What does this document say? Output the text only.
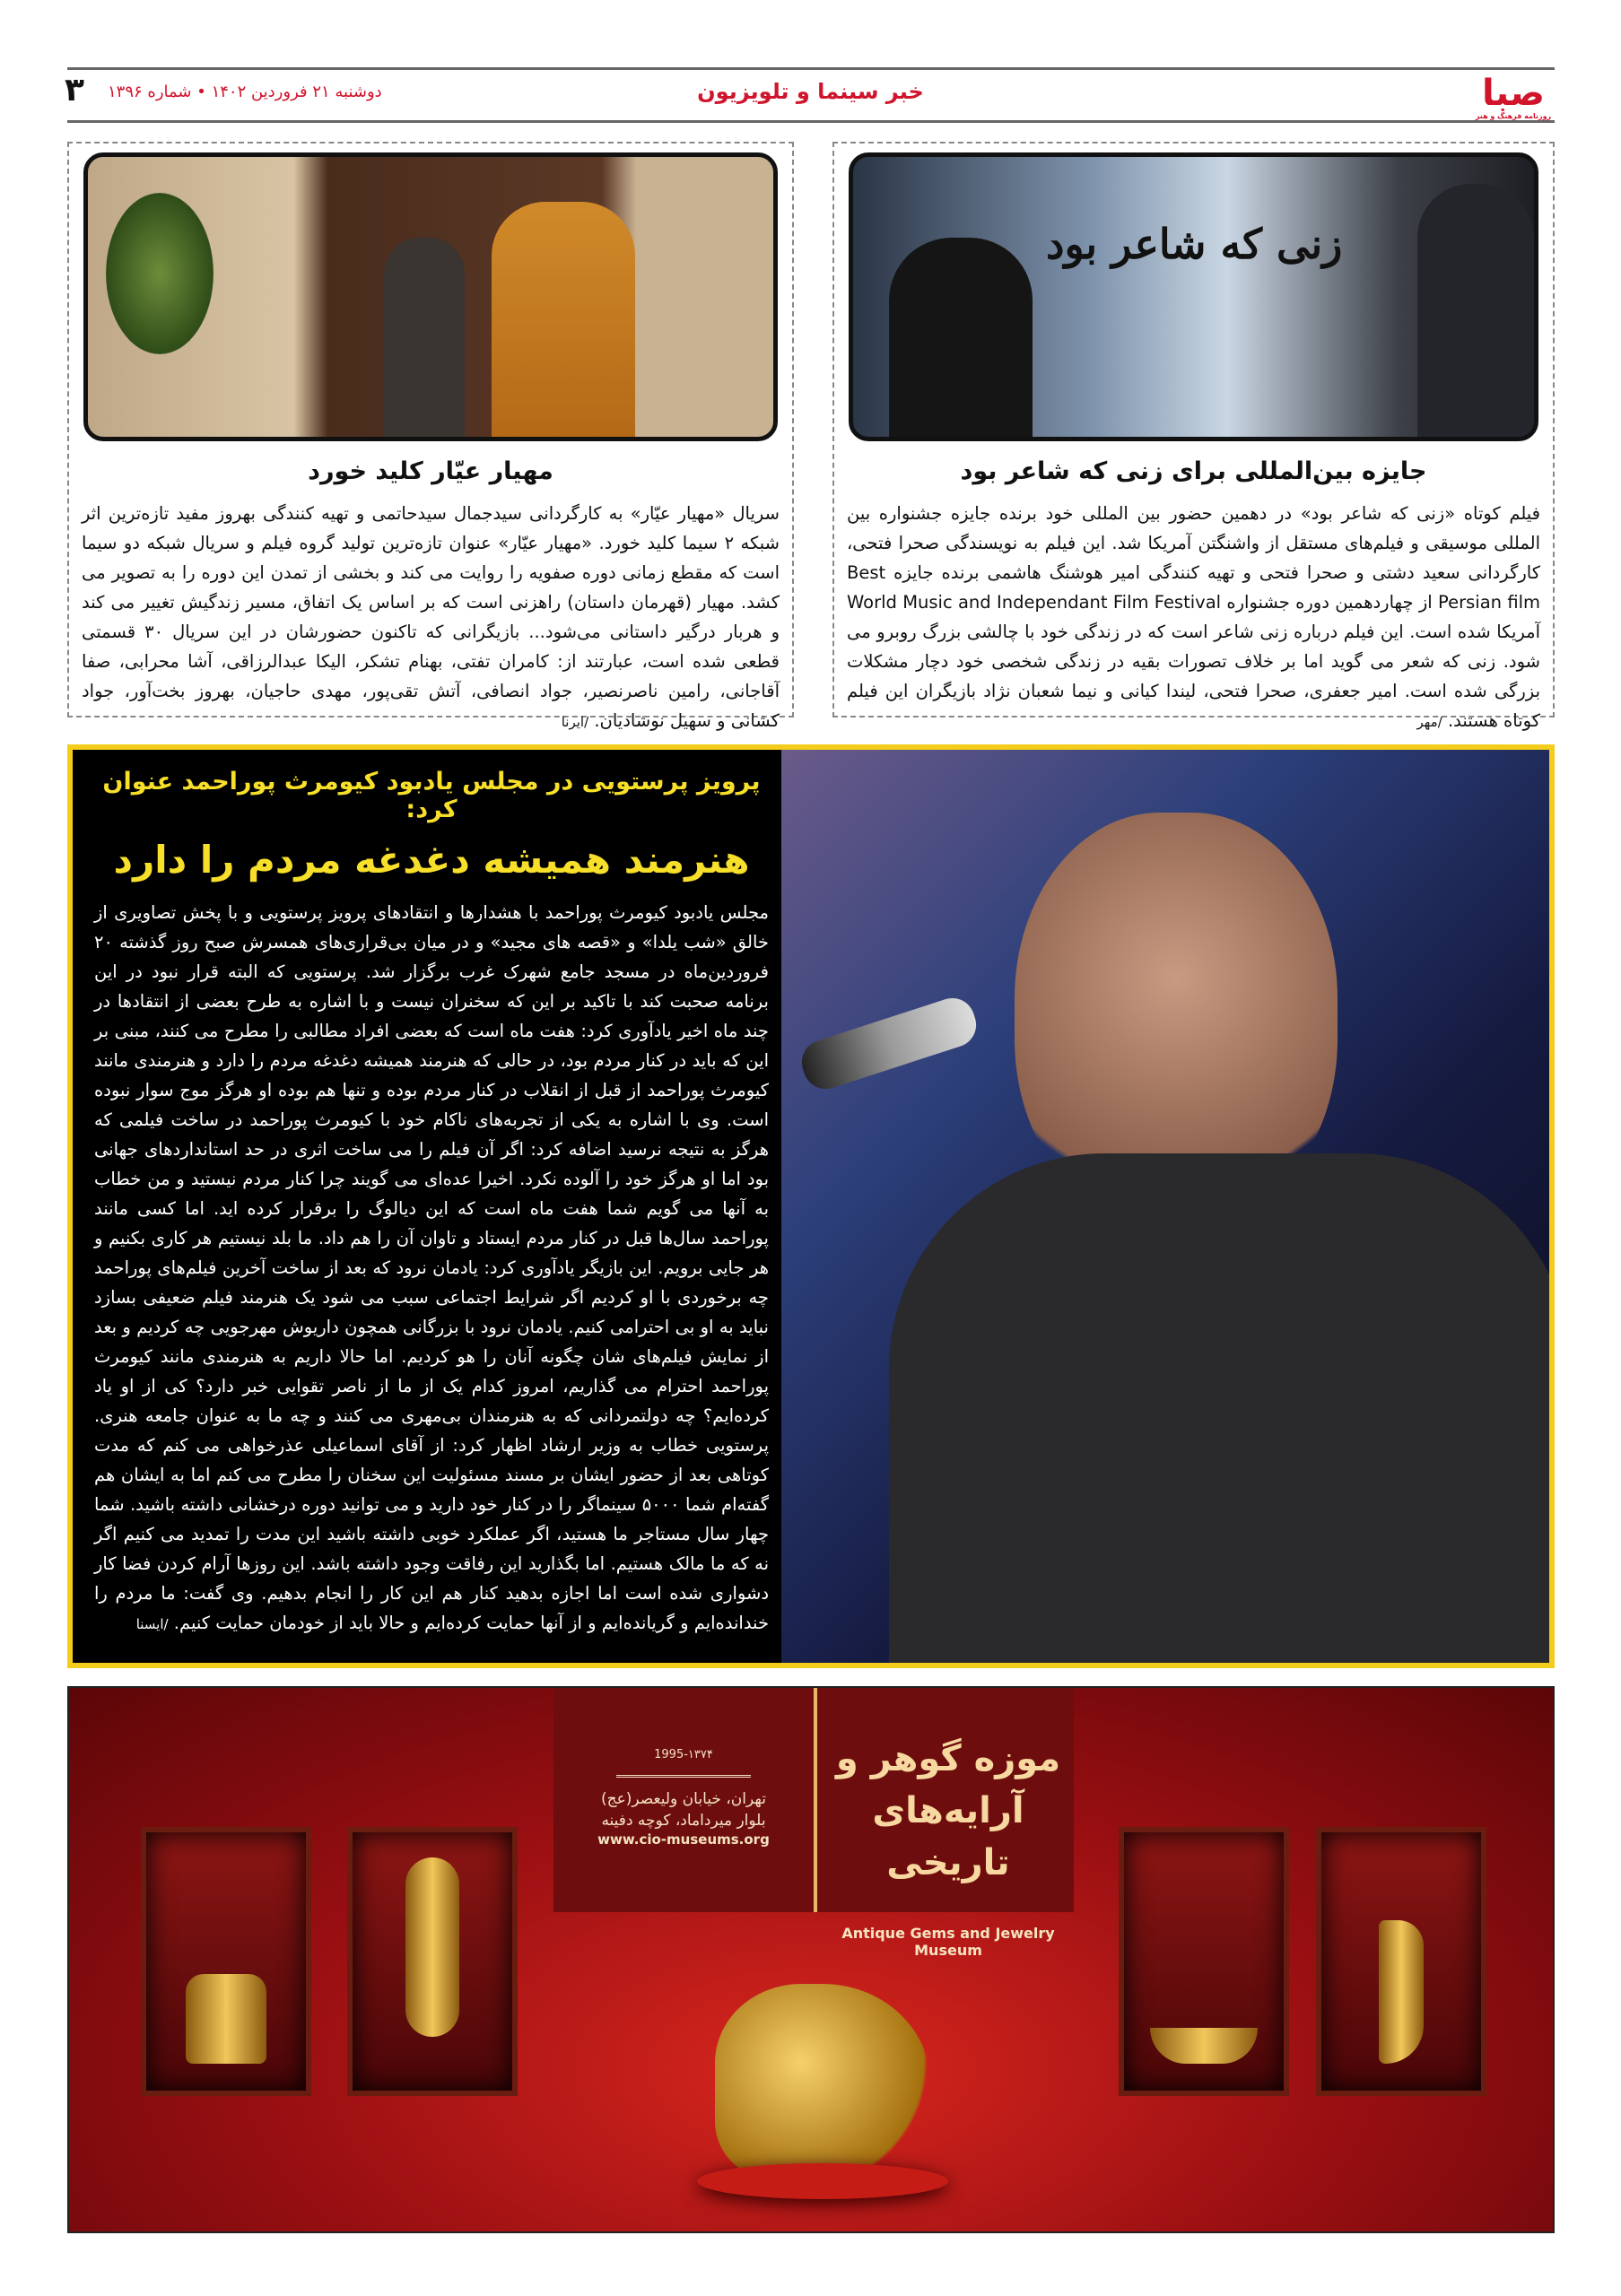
صبا
روزنامه فرهنگ و هنر
خبر سینما و تلویزیون
دوشنبه ۲۱ فروردین ۱۴۰۲ • شماره ۱۳۹۶
۳
زنی که شاعر بود
جایزه بین‌المللی برای زنی که شاعر بود

فیلم کوتاه «زنی که شاعر بود» در دهمین حضور بین المللی خود برنده جایزه جشنواره بین المللی موسیقی و فیلم‌های مستقل از واشنگتن آمریکا شد. این فیلم به نویسندگی صحرا فتحی، کارگردانی سعید دشتی و صحرا فتحی و تهیه کنندگی امیر هوشنگ هاشمی برنده جایزه Best Persian film از چهاردهمین دوره جشنواره World Music and Independant Film Festival آمریکا شده است. این فیلم درباره زنی شاعر است که در زندگی خود با چالشی بزرگ روبرو می شود. زنی که شعر می گوید اما بر خلاف تصورات بقیه در زندگی شخصی خود دچار مشکلات بزرگی شده است. امیر جعفری، صحرا فتحی، لیندا کیانی و نیما شعبان نژاد بازیگران این فیلم کوتاه هستند. /مهر

مهیار عیّار کلید خورد

سریال «مهیار عیّار» به کارگردانی سیدجمال سیدحاتمی و تهیه کنندگی بهروز مفید تازه‌ترین اثر شبکه ۲ سیما کلید خورد. «مهیار عیّار» عنوان تازه‌ترین تولید گروه فیلم و سریال شبکه دو سیما است که مقطع زمانی دوره صفویه را روایت می کند و بخشی از تمدن این دوره را به تصویر می کشد. مهیار (قهرمان داستان) راهزنی است که بر اساس یک اتفاق، مسیر زندگیش تغییر می کند و هربار درگیر داستانی می‌شود... بازیگرانی که تاکنون حضورشان در این سریال ۳۰ قسمتی قطعی شده است، عبارتند از: کامران تفتی، بهنام تشکر، الیکا عبدالرزاقی، آشا محرابی، صفا آقاجانی، رامین ناصرنصیر، جواد انصافی، آتش تقی‌پور، مهدی حاجیان، بهروز بخت‌آور، جواد کشانی و سهیل نوشادیان. /ایرنا

پرویز پرستویی در مجلس یادبود کیومرث پوراحمد عنوان کرد:
هنرمند همیشه دغدغه مردم را دارد

مجلس یادبود کیومرث پوراحمد با هشدارها و انتقادهای پرویز پرستویی و با پخش تصاویری از خالق «شب یلدا» و «قصه های مجید» و در میان بی‌قراری‌های همسرش صبح روز گذشته ۲۰ فروردین‌ماه در مسجد جامع شهرک غرب برگزار شد. پرستویی که البته قرار نبود در این برنامه صحبت کند با تاکید بر این که سخنران نیست و با اشاره به طرح بعضی از انتقادها در چند ماه اخیر یادآوری کرد: هفت ماه است که بعضی افراد مطالبی را مطرح می کنند، مبنی بر این که باید در کنار مردم بود، در حالی که هنرمند همیشه دغدغه مردم را دارد و هنرمندی مانند کیومرث پوراحمد از قبل از انقلاب در کنار مردم بوده و تنها هم بوده او هرگز موج سوار نبوده است. وی با اشاره به یکی از تجربه‌های ناکام خود با کیومرث پوراحمد در ساخت فیلمی که هرگز به نتیجه نرسید اضافه کرد: اگر آن فیلم را می ساخت اثری در حد استانداردهای جهانی بود اما او هرگز خود را آلوده نکرد. اخیرا عده‌ای می گویند چرا کنار مردم نیستید و من خطاب به آنها می گویم شما هفت ماه است که این دیالوگ را برقرار کرده اید. اما کسی مانند پوراحمد سال‌ها قبل در کنار مردم ایستاد و تاوان آن را هم داد. ما بلد نیستیم هر کاری بکنیم و هر جایی برویم. این بازیگر یادآوری کرد: یادمان نرود که بعد از ساخت آخرین فیلم‌های پوراحمد چه برخوردی با او کردیم اگر شرایط اجتماعی سبب می شود یک هنرمند فیلم ضعیفی بسازد نباید به او بی احترامی کنیم. یادمان نرود با بزرگانی همچون داریوش مهرجویی چه کردیم و بعد از نمایش فیلم‌های شان چگونه آنان را هو کردیم. اما حالا داریم به هنرمندی مانند کیومرث پوراحمد احترام می گذاریم، امروز کدام یک از ما از ناصر تقوایی خبر دارد؟ کی از او یاد کرده‌ایم؟ چه دولتمردانی که به هنرمندان بی‌مهری می کنند و چه ما به عنوان جامعه هنری. پرستویی خطاب به وزیر ارشاد اظهار کرد: از آقای اسماعیلی عذرخواهی می کنم که مدت کوتاهی بعد از حضور ایشان بر مسند مسئولیت این سخنان را مطرح می کنم اما به ایشان هم گفته‌ام شما ۵۰۰۰ سینماگر را در کنار خود دارید و می توانید دوره درخشانی داشته باشید. شما چهار سال مستاجر ما هستید، اگر عملکرد خوبی داشته باشید این مدت را تمدید می کنیم اگر نه که ما مالک هستیم. اما بگذارید این رفاقت وجود داشته باشد. این روزها آرام کردن فضا کار دشواری شده است اما اجازه بدهید کنار هم این کار را انجام بدهیم. وی گفت: ما مردم را خندانده‌ایم و گریانده‌ایم و از آنها حمایت کرده‌ایم و حالا باید از خودمان حمایت کنیم. /ایسنا

1995-۱۳۷۴
تهران، خیابان ولیعصر(عج)
بلوار میرداماد، کوچه دفینه
www.cio-museums.org
موزه گوهر و آرایه‌های تاریخی
Antique Gems and Jewelry Museum
